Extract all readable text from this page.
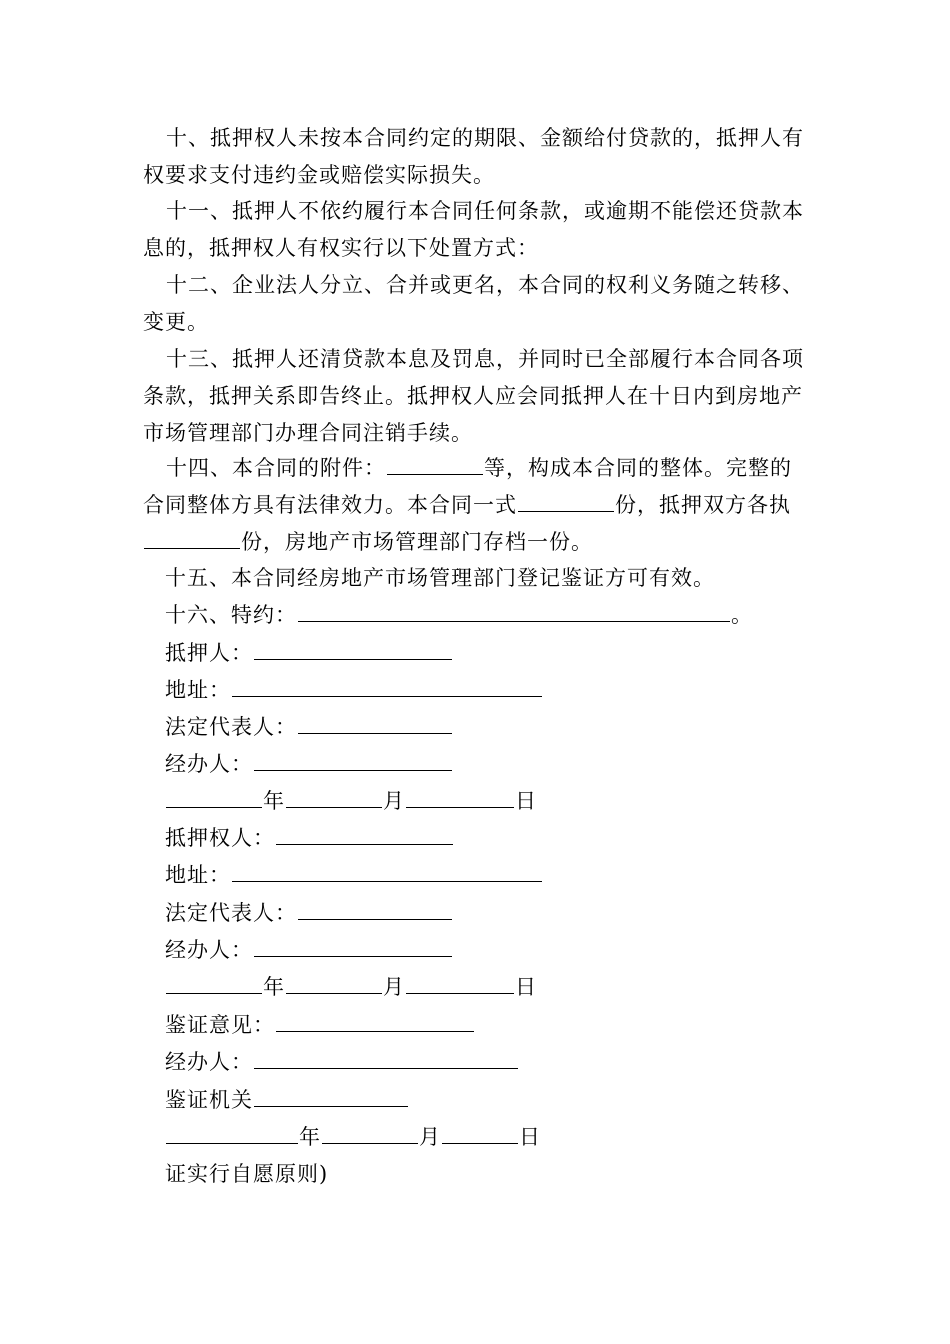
十、抵押权人未按本合同约定的期限、金额给付贷款的，抵押人有权要求支付违约金或赔偿实际损失。
十一、抵押人不依约履行本合同任何条款，或逾期不能偿还贷款本息的，抵押权人有权实行以下处置方式：
十二、企业法人分立、合并或更名，本合同的权利义务随之转移、变更。
十三、抵押人还清贷款本息及罚息，并同时已全部履行本合同各项条款，抵押关系即告终止。抵押权人应会同抵押人在十日内到房地产市场管理部门办理合同注销手续。
十四、本合同的附件：	等，构成本合同的整体。完整的合同整体方具有法律效力。本合同一式	份，抵押双方各执份，房地产市场管理部门存档一份。
十五、本合同经房地产市场管理部门登记鉴证方可有效。
十六、特约：	。
抵押人：
地址：
法定代表人：
经办人：
年	月	日
抵押权人：
地址：
法定代表人：
经办人：
年	月	日
鉴证意见：
经办人：
鉴证机关
年	月	日
证实行自愿原则)
